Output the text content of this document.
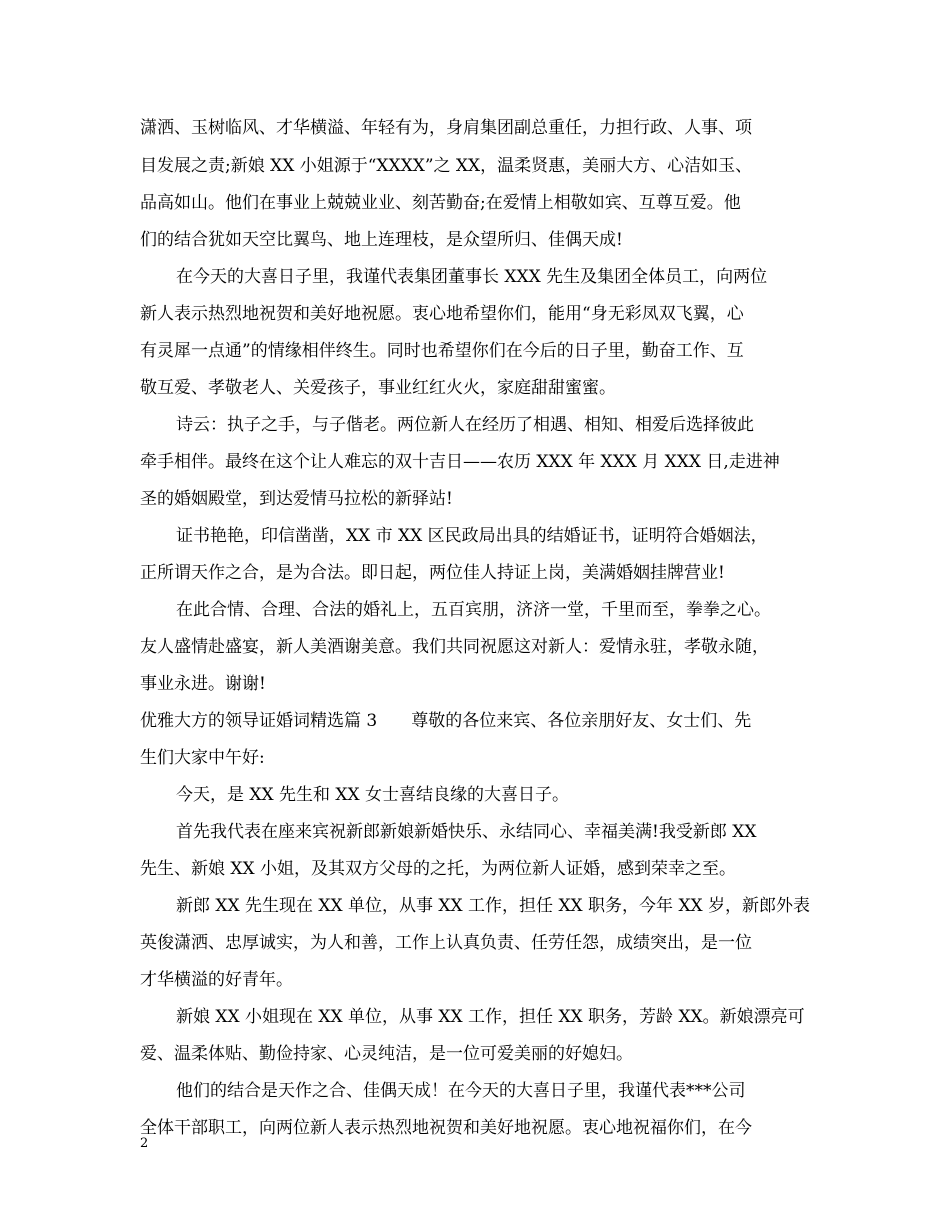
潇洒、玉树临风、才华横溢、年轻有为，身肩集团副总重任，力担行政、人事、项
目发展之责;新娘 XX 小姐源于“XXXX”之 XX，温柔贤惠，美丽大方、心洁如玉、
品高如山。他们在事业上兢兢业业、刻苦勤奋;在爱情上相敬如宾、互尊互爱。他
们的结合犹如天空比翼鸟、地上连理枝，是众望所归、佳偶天成!
在今天的大喜日子里，我谨代表集团董事长 XXX 先生及集团全体员工，向两位
新人表示热烈地祝贺和美好地祝愿。衷心地希望你们，能用“身无彩凤双飞翼，心
有灵犀一点通”的情缘相伴终生。同时也希望你们在今后的日子里，勤奋工作、互
敬互爱、孝敬老人、关爱孩子，事业红红火火，家庭甜甜蜜蜜。
诗云：执子之手，与子偕老。两位新人在经历了相遇、相知、相爱后选择彼此
牵手相伴。最终在这个让人难忘的双十吉日——农历 XXX 年 XXX 月 XXX 日,走进神
圣的婚姻殿堂，到达爱情马拉松的新驿站!
证书艳艳，印信凿凿，XX 市 XX 区民政局出具的结婚证书，证明符合婚姻法，
正所谓天作之合，是为合法。即日起，两位佳人持证上岗，美满婚姻挂牌营业!
在此合情、合理、合法的婚礼上，五百宾朋，济济一堂，千里而至，拳拳之心。
友人盛情赴盛宴，新人美酒谢美意。我们共同祝愿这对新人：爱情永驻，孝敬永随，
事业永进。谢谢!
优雅大方的领导证婚词精选篇 3　　尊敬的各位来宾、各位亲朋好友、女士们、先
生们大家中午好:
今天，是 XX 先生和 XX 女士喜结良缘的大喜日子。
首先我代表在座来宾祝新郎新娘新婚快乐、永结同心、幸福美满!我受新郎 XX
先生、新娘 XX 小姐，及其双方父母的之托，为两位新人证婚，感到荣幸之至。
新郎 XX 先生现在 XX 单位，从事 XX 工作，担任 XX 职务，今年 XX 岁，新郎外表
英俊潇洒、忠厚诚实，为人和善，工作上认真负责、任劳任怨，成绩突出，是一位
才华横溢的好青年。
新娘 XX 小姐现在 XX 单位，从事 XX 工作，担任 XX 职务，芳龄 XX。新娘漂亮可
爱、温柔体贴、勤俭持家、心灵纯洁，是一位可爱美丽的好媳妇。
他们的结合是天作之合、佳偶天成！在今天的大喜日子里，我谨代表***公司
全体干部职工，向两位新人表示热烈地祝贺和美好地祝愿。衷心地祝福你们，在今
2
